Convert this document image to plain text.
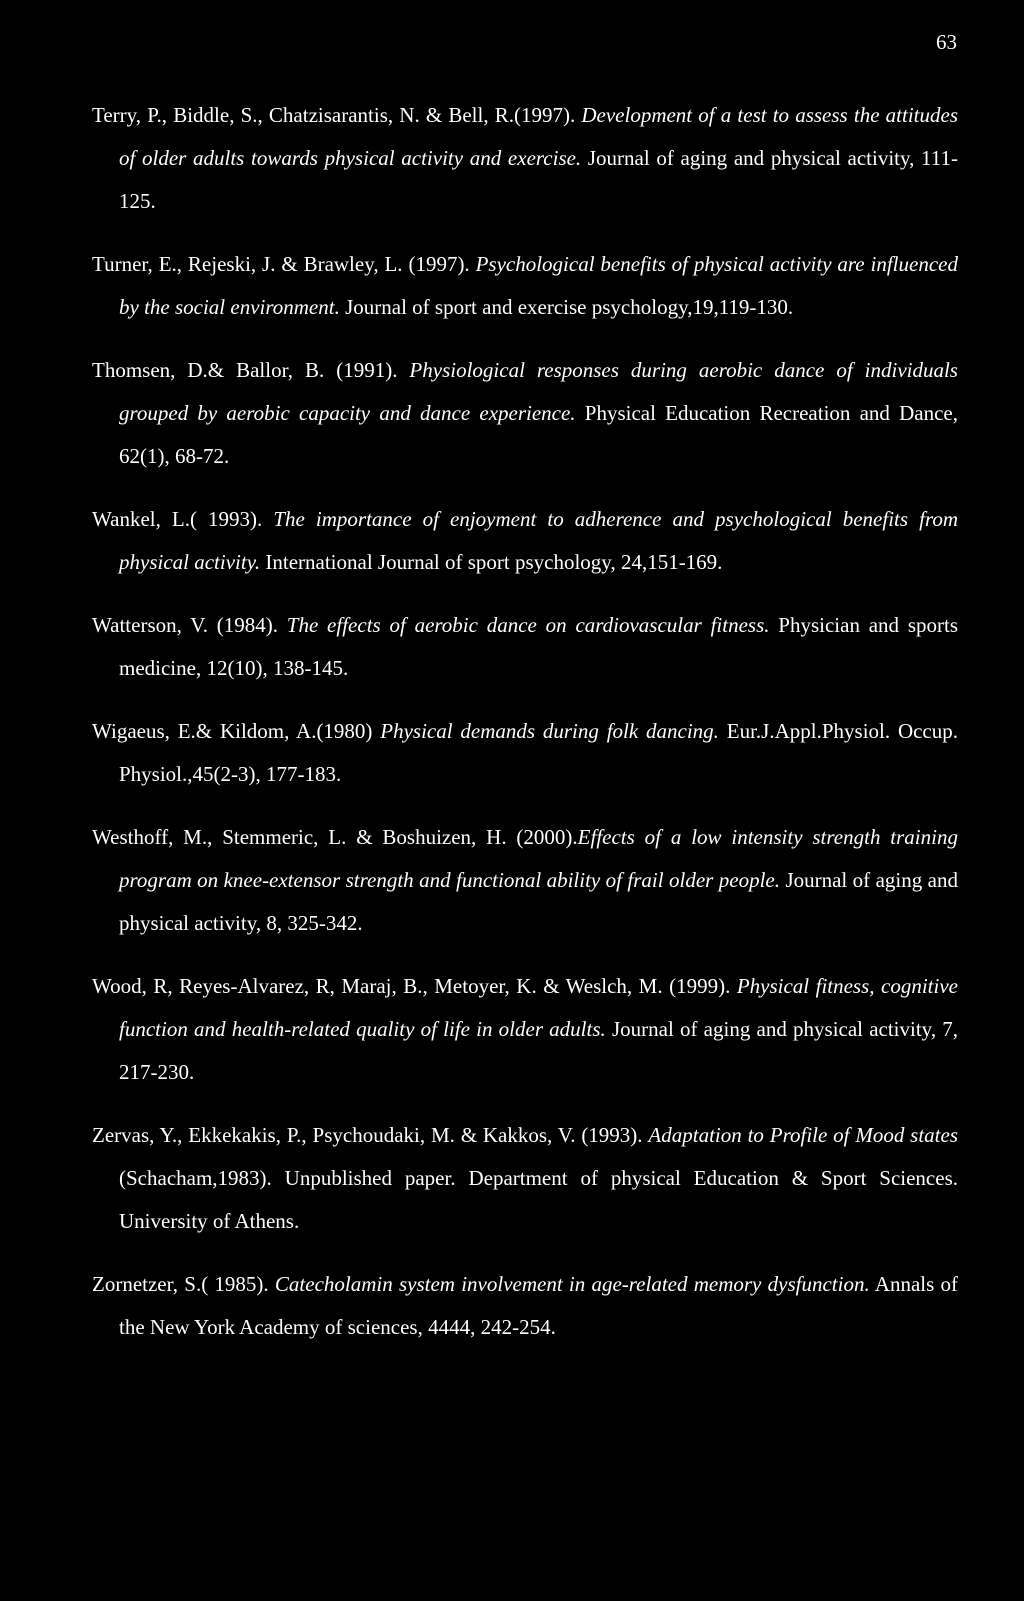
63

Terry, P., Biddle, S., Chatzisarantis, N. & Bell, R.(1997). Development of a test to assess the attitudes of older adults towards physical activity and exercise. Journal of aging and physical activity, 111-125.

Turner, E., Rejeski, J. & Brawley, L. (1997). Psychological benefits of physical activity are influenced by the social environment. Journal of sport and exercise psychology,19,119-130.

Thomsen, D.& Ballor, B. (1991). Physiological responses during aerobic dance of individuals grouped by aerobic capacity and dance experience. Physical Education Recreation and Dance, 62(1), 68-72.

Wankel, L.( 1993). The importance of enjoyment to adherence and psychological benefits from physical activity. International Journal of sport psychology, 24,151-169.

Watterson, V. (1984). The effects of aerobic dance on cardiovascular fitness. Physician and sports medicine, 12(10), 138-145.

Wigaeus, E.& Kildom, A.(1980) Physical demands during folk dancing. Eur.J.Appl.Physiol. Occup. Physiol.,45(2-3), 177-183.

Westhoff, M., Stemmeric, L. & Boshuizen, H. (2000).Effects of a low intensity strength training program on knee-extensor strength and functional ability of frail older people. Journal of aging and physical activity, 8, 325-342.

Wood, R, Reyes-Alvarez, R, Maraj, B., Metoyer, K. & Weslch, M. (1999). Physical fitness, cognitive function and health-related quality of life in older adults. Journal of aging and physical activity, 7, 217-230.

Zervas, Y., Ekkekakis, P., Psychoudaki, M. & Kakkos, V. (1993). Adaptation to Profile of Mood states (Schacham,1983). Unpublished paper. Department of physical Education & Sport Sciences. University of Athens.

Zornetzer, S.( 1985). Catecholamin system involvement in age-related memory dysfunction. Annals of the New York Academy of sciences, 4444, 242-254.
